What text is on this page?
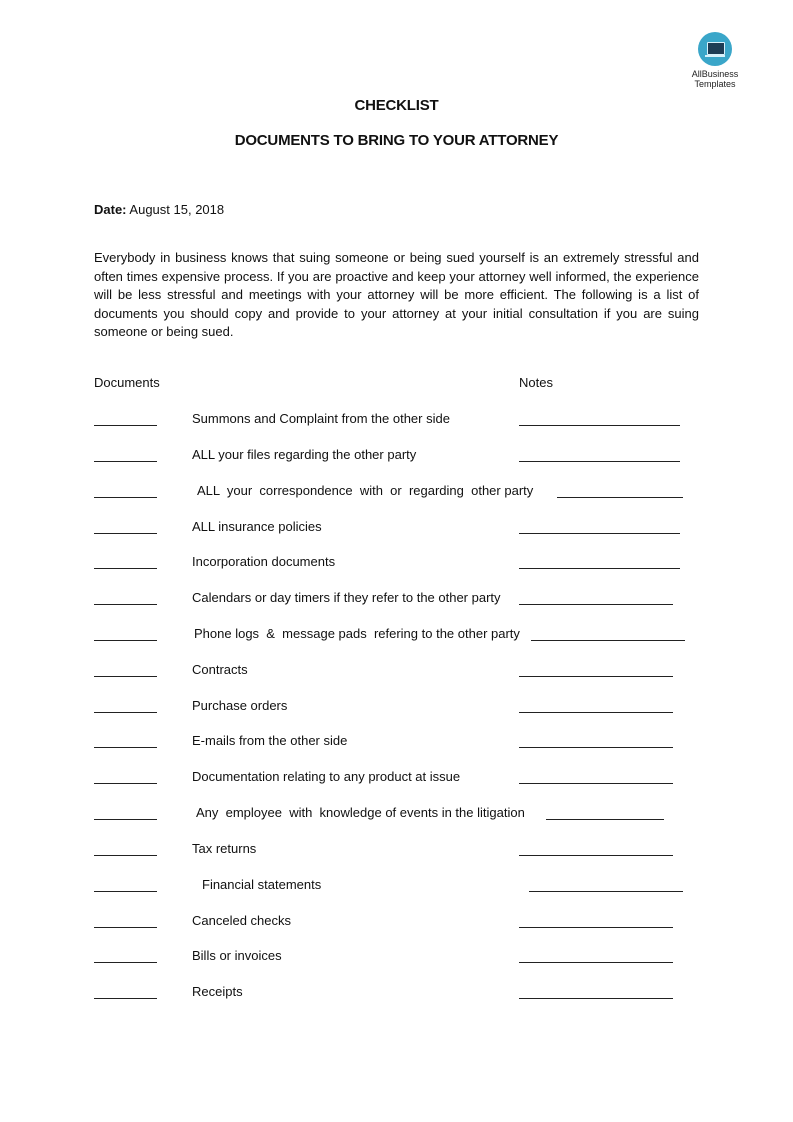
AllBusiness
Templates
CHECKLIST
DOCUMENTS TO BRING TO YOUR ATTORNEY
Date: August 15, 2018
Everybody in business knows that suing someone or being sued yourself is an extremely stressful and often times expensive process. If you are proactive and keep your attorney well informed, the experience will be less stressful and meetings with your attorney will be more efficient. The following is a list of documents you should copy and provide to your attorney at your initial consultation if you are suing someone or being sued.
Documents	Notes
Summons and Complaint from the other side
ALL your files regarding the other party
ALL  your  correspondence  with  or  regarding  other party
ALL insurance policies
Incorporation documents
Calendars or day timers if they refer to the other party
Phone logs  &  message pads  refering to the other party
Contracts
Purchase orders
E-mails from the other side
Documentation relating to any product at issue
Any  employee  with  knowledge of events in the litigation
Tax returns
Financial statements
Canceled checks
Bills or invoices
Receipts
